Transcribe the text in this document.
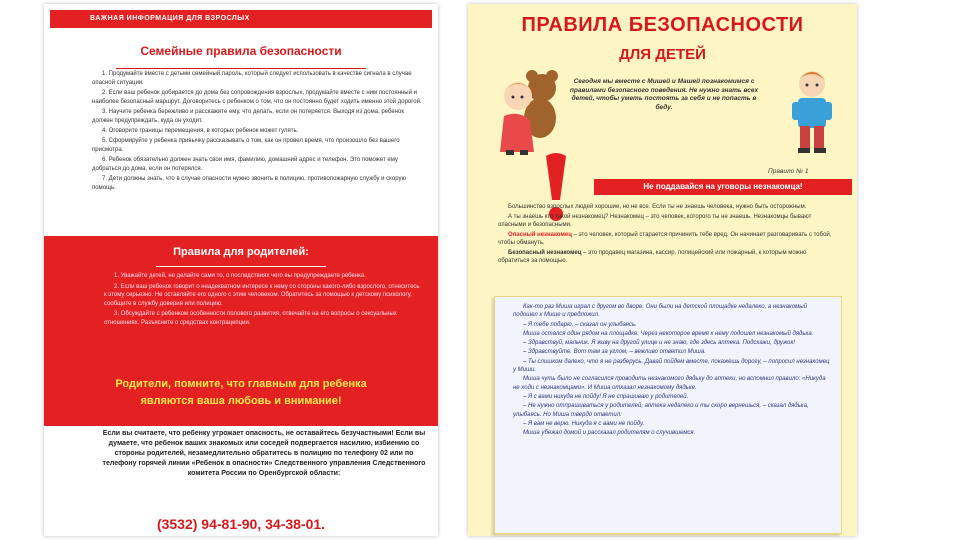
ВАЖНАЯ ИНФОРМАЦИЯ ДЛЯ ВЗРОСЛЫХ
Семейные правила безопасности

1. Продумайте вместе с детьми семейный пароль, который следует использовать в качестве сигнала в случае опасной ситуации.

2. Если ваш ребенок добирается до дома без сопровождения взрослых, продумайте вместе с ним постоянный и наиболее безопасный маршрут. Договоритесь с ребенком о том, что он постоянно будет ходить именно этой дорогой.

3. Научите ребенка бережливо и расскажите ему, что делать, если он потеряется. Выходя из дома, ребенок должен предупреждать, куда он уходит.

4. Оговорите границы перемещения, в которых ребенок может гулять.

5. Сформируйте у ребенка привычку рассказывать о том, как он провел время, что произошло без вашего присмотра.

6. Ребенок обязательно должен знать свои имя, фамилию, домашний адрес и телефон. Это поможет ему добраться до дома, если он потерялся.

7. Дети должны знать, что в случае опасности нужно звонить в полицию, противопожарную службу и скорую помощь.

Правила для родителей:

1. Уважайте детей, не делайте сами то, о последствиях чего вы предупреждаете ребенка.

2. Если ваш ребенок говорит о неадекватном интересе к нему со стороны какого-либо взрослого, отнеситесь к этому серьезно. Не оставляйте его одного с этим человеком. Обратитесь за помощью к детскому психологу, сообщите в службу доверия или полицию.

3. Обсуждайте с ребенком особенности полового развития, отвечайте на его вопросы о сексуальных отношениях. Разъясните о средствах контрацепции.

Родители, помните, что главным для ребенка
являются ваша любовь и внимание!
Если вы считаете, что ребенку угрожает опасность, не оставайтесь безучастными! Если вы думаете, что ребенок ваших знакомых или соседей подвергается насилию, избиению со стороны родителей, незамедлительно обратитесь в полицию по телефону 02 или по телефону горячей линии «Ребенок в опасности» Следственного управления Следственного комитета России по Оренбургской области:
(3532) 94-81-90, 34-38-01.
ПРАВИЛА БЕЗОПАСНОСТИ
ДЛЯ ДЕТЕЙ
Сегодня мы вместе с Мишей и Машей познакомимся с правилами безопасного поведения. Не нужно знать всех детей, чтобы уметь постоять за себя и не попасть в беду.
Правило № 1
Не поддавайся на уговоры незнакомца!

Большинство взрослых людей хорошие, но не все. Если ты не знаешь человека, нужно быть осторожным.

А ты знаешь кто такой незнакомец? Незнакомец – это человек, которого ты не знаешь. Незнакомцы бывают опасными и безопасными.

Опасный незнакомец – это человек, который старается причинить тебе вред. Он начинает разговаривать с тобой, чтобы обмануть.

Безопасный незнакомец – это продавец магазина, кассир, полицейский или пожарный, к которым можно обратиться за помощью.

Как-то раз Миша играл с другом во дворе. Они были на детской площадке недалеко, а незнакомый подошел к Мише и предложил.

– Я тебе подарю, – сказал он улыбаясь.

Миша остался один рядом на площадке. Через некоторое время к нему подошел незнакомый дядька.

– Здравствуй, мальчик. Я живу на другой улице и не знаю, где здесь аптека. Подскажи, дружок!

– Здравствуйте. Вот там за углом, – вежливо ответил Миша.

– Ты слишком далеко, что я не разберусь. Давай пойдем вместе, покажешь дорогу, – попросил незнакомец у Миши.

Миша чуть было не согласился проводить незнакомого дядьку до аптеки, но вспомнил правило: «Никуда не ходи с незнакомцами». И Миша отказал незнакомому дядьке.

– Я с вами никуда не пойду! Я не спрашиваю у родителей.

– Не нужно отпрашиваться у родителей, аптека недалеко и ты скоро вернешься, – сказал дядька, улыбаясь. Но Миша твердо ответил:

– Я вам не верю. Никуда я с вами не пойду.

Миша убежал домой и рассказал родителям о случившемся.
